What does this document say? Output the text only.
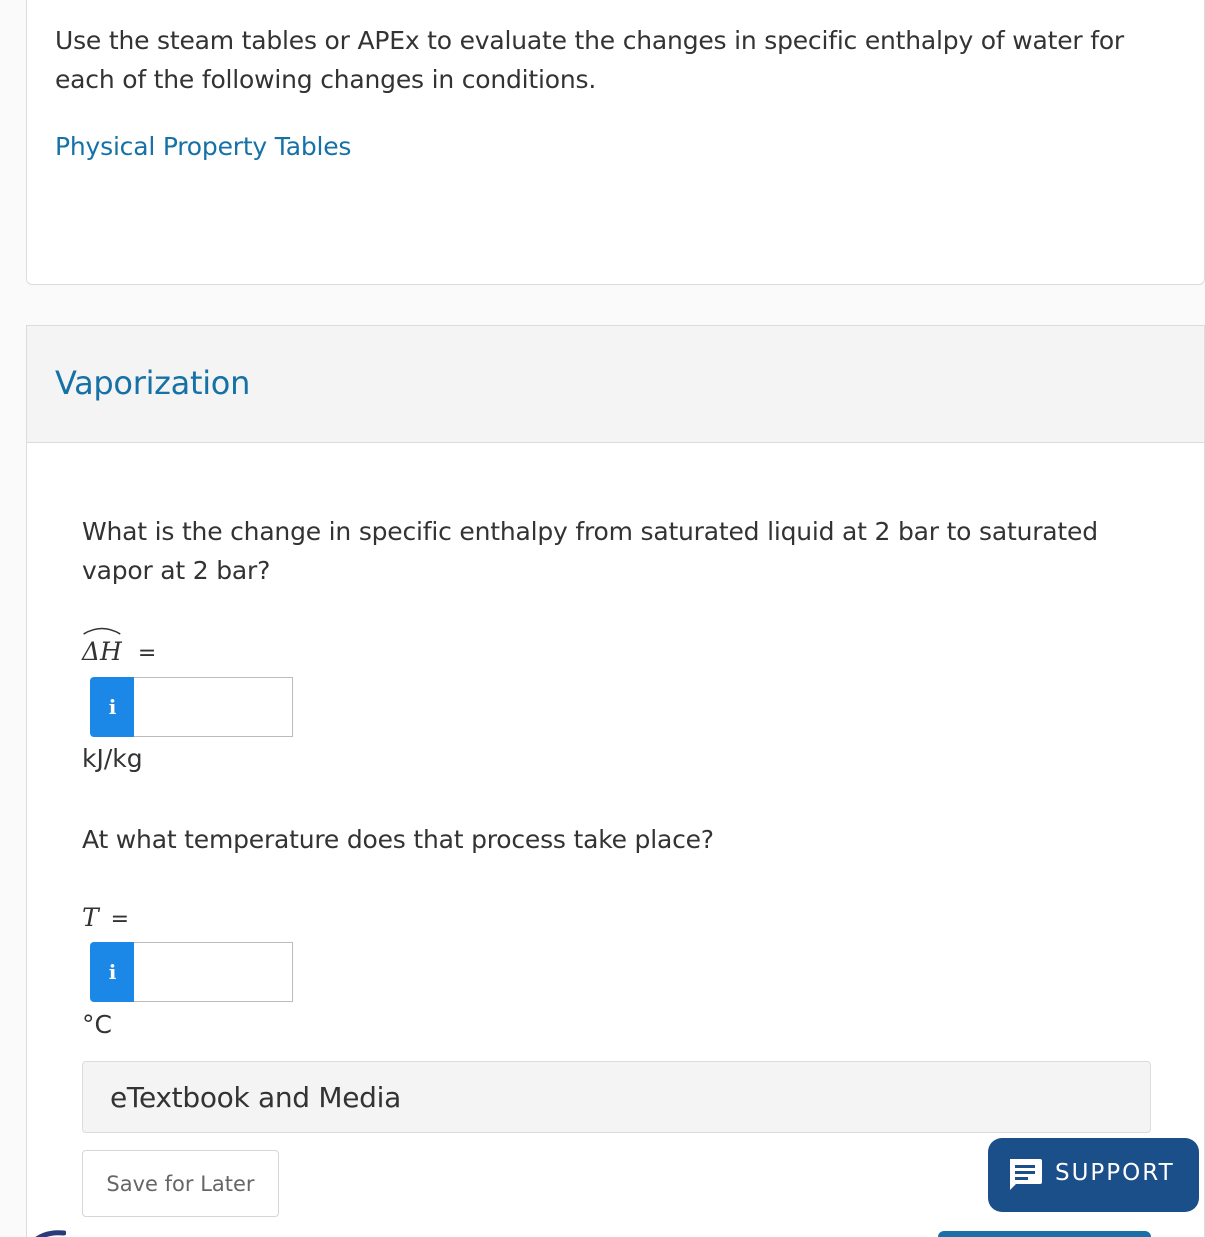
Use the steam tables or APEx to evaluate the changes in specific enthalpy of water for each of the following changes in conditions.
Physical Property Tables
Vaporization
What is the change in specific enthalpy from saturated liquid at 2 bar to saturated vapor at 2 bar?
ΔH =
i
kJ/kg
At what temperature does that process take place?
T =
i
°C
eTextbook and Media
Save for Later	SUPPORT
